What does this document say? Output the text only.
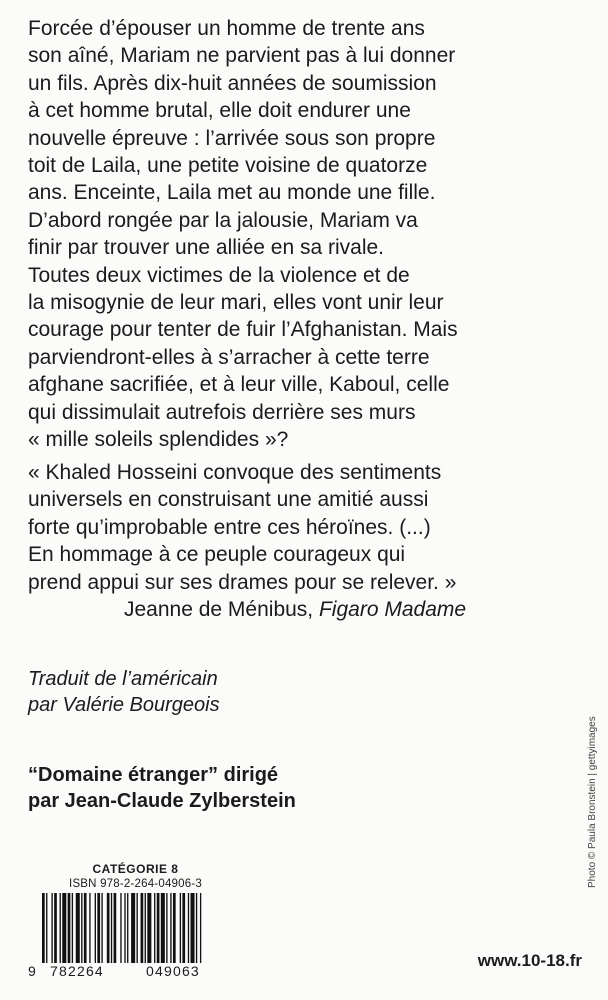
Forcée d’épouser un homme de trente ans
son aîné, Mariam ne parvient pas à lui donner
un fils. Après dix-huit années de soumission
à cet homme brutal, elle doit endurer une
nouvelle épreuve : l’arrivée sous son propre
toit de Laila, une petite voisine de quatorze
ans. Enceinte, Laila met au monde une fille.
D’abord rongée par la jalousie, Mariam va
finir par trouver une alliée en sa rivale.
Toutes deux victimes de la violence et de
la misogynie de leur mari, elles vont unir leur
courage pour tenter de fuir l’Afghanistan. Mais
parviendront-elles à s’arracher à cette terre
afghane sacrifiée, et à leur ville, Kaboul, celle
qui dissimulait autrefois derrière ses murs
« mille soleils splendides »?
« Khaled Hosseini convoque des sentiments
universels en construisant une amitié aussi
forte qu’improbable entre ces héroïnes. (...)
En hommage à ce peuple courageux qui
prend appui sur ses drames pour se relever. »
Jeanne de Ménibus, Figaro Madame
Traduit de l’américain
par Valérie Bourgeois
“Domaine étranger” dirigé
par Jean-Claude Zylberstein	Photo © Paula Bronstein | gettyimages
CATÉGORIE 8
ISBN 978-2-264-04906-3
9 782264	049063
www.10-18.fr
